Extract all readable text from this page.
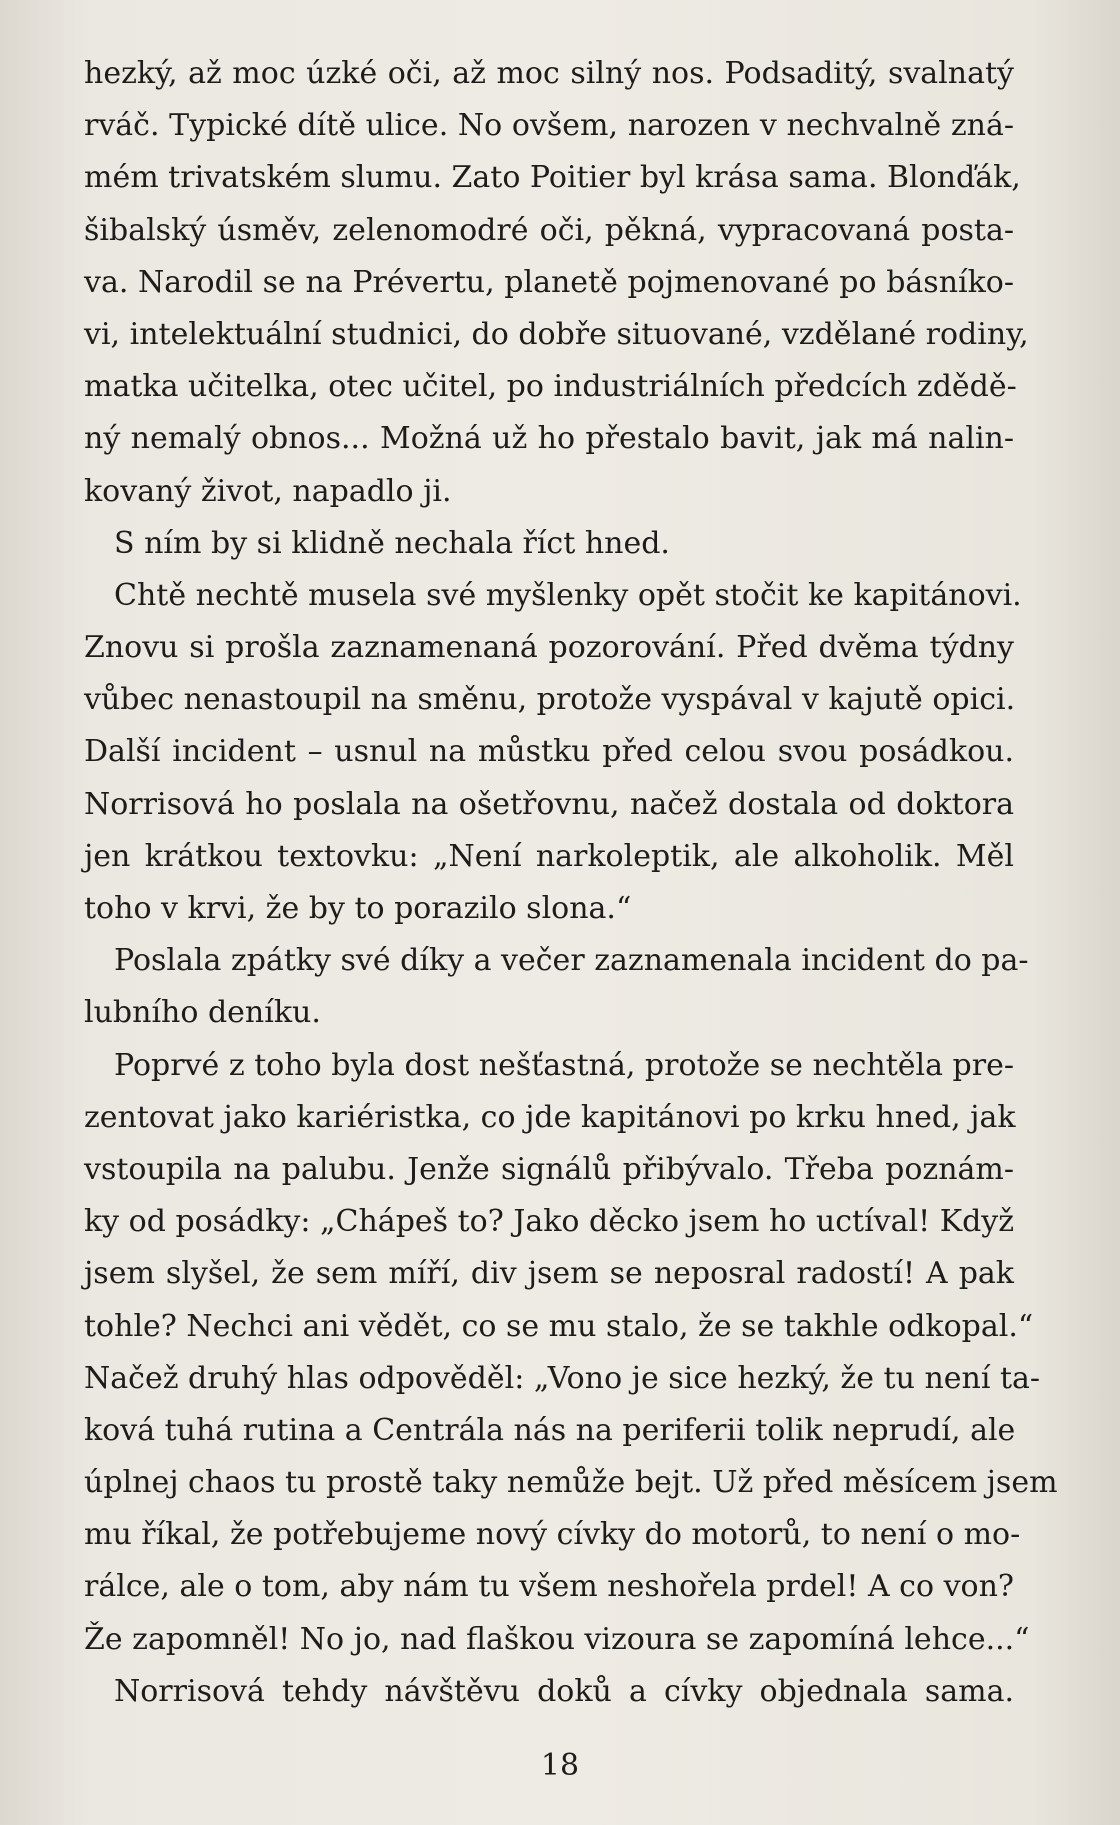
hezký, až moc úzké oči, až moc silný nos. Podsaditý, svalnatý
rváč. Typické dítě ulice. No ovšem, narozen v nechvalně zná-
mém trivatském slumu. Zato Poitier byl krása sama. Blonďák,
šibalský úsměv, zelenomodré oči, pěkná, vypracovaná posta-
va. Narodil se na Prévertu, planetě pojmenované po básníko-
vi, intelektuální studnici, do dobře situované, vzdělané rodiny,
matka učitelka, otec učitel, po industriálních předcích zdědě-
ný nemalý obnos... Možná už ho přestalo bavit, jak má nalin-
kovaný život, napadlo ji.
S ním by si klidně nechala říct hned.
Chtě nechtě musela své myšlenky opět stočit ke kapitánovi.
Znovu si prošla zaznamenaná pozorování. Před dvěma týdny
vůbec nenastoupil na směnu, protože vyspával v kajutě opici.
Další incident – usnul na můstku před celou svou posádkou.
Norrisová ho poslala na ošetřovnu, načež dostala od doktora
jen krátkou textovku: „Není narkoleptik, ale alkoholik. Měl
toho v krvi, že by to porazilo slona.“
Poslala zpátky své díky a večer zaznamenala incident do pa-
lubního deníku.
Poprvé z toho byla dost nešťastná, protože se nechtěla pre-
zentovat jako kariéristka, co jde kapitánovi po krku hned, jak
vstoupila na palubu. Jenže signálů přibývalo. Třeba poznám-
ky od posádky: „Chápeš to? Jako děcko jsem ho uctíval! Když
jsem slyšel, že sem míří, div jsem se neposral radostí! A pak
tohle? Nechci ani vědět, co se mu stalo, že se takhle odkopal.“
Načež druhý hlas odpověděl: „Vono je sice hezký, že tu není ta-
ková tuhá rutina a Centrála nás na periferii tolik neprudí, ale
úplnej chaos tu prostě taky nemůže bejt. Už před měsícem jsem
mu říkal, že potřebujeme nový cívky do motorů, to není o mo-
rálce, ale o tom, aby nám tu všem neshořela prdel! A co von?
Že zapomněl! No jo, nad flaškou vizoura se zapomíná lehce...“
Norrisová tehdy návštěvu doků a cívky objednala sama.
18
